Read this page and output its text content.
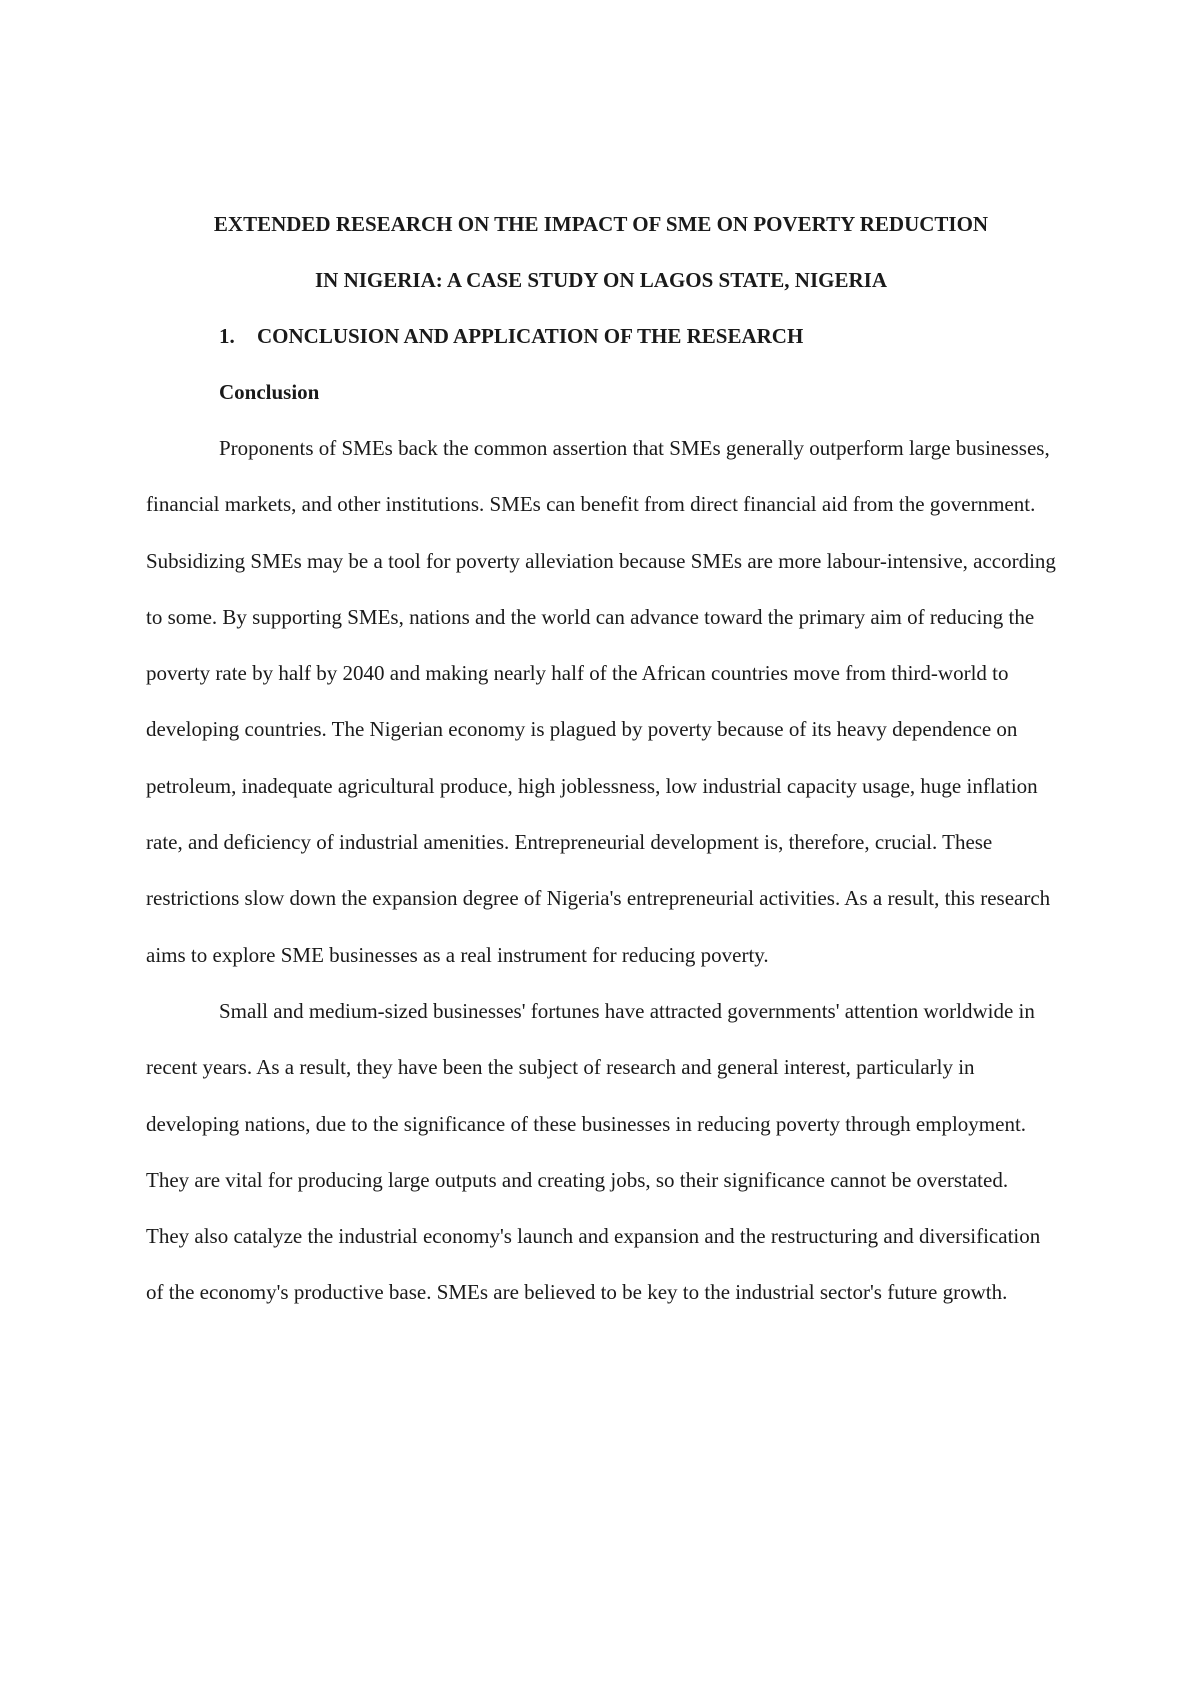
EXTENDED RESEARCH ON THE IMPACT OF SME ON POVERTY REDUCTION

IN NIGERIA: A CASE STUDY ON LAGOS STATE, NIGERIA

1. CONCLUSION AND APPLICATION OF THE RESEARCH

Conclusion

Proponents of SMEs back the common assertion that SMEs generally outperform large businesses, financial markets, and other institutions. SMEs can benefit from direct financial aid from the government. Subsidizing SMEs may be a tool for poverty alleviation because SMEs are more labour-intensive, according to some. By supporting SMEs, nations and the world can advance toward the primary aim of reducing the poverty rate by half by 2040 and making nearly half of the African countries move from third-world to developing countries. The Nigerian economy is plagued by poverty because of its heavy dependence on petroleum, inadequate agricultural produce, high joblessness, low industrial capacity usage, huge inflation rate, and deficiency of industrial amenities. Entrepreneurial development is, therefore, crucial. These restrictions slow down the expansion degree of Nigeria's entrepreneurial activities. As a result, this research aims to explore SME businesses as a real instrument for reducing poverty.

Small and medium-sized businesses' fortunes have attracted governments' attention worldwide in recent years. As a result, they have been the subject of research and general interest, particularly in developing nations, due to the significance of these businesses in reducing poverty through employment. They are vital for producing large outputs and creating jobs, so their significance cannot be overstated. They also catalyze the industrial economy's launch and expansion and the restructuring and diversification of the economy's productive base. SMEs are believed to be key to the industrial sector's future growth.
